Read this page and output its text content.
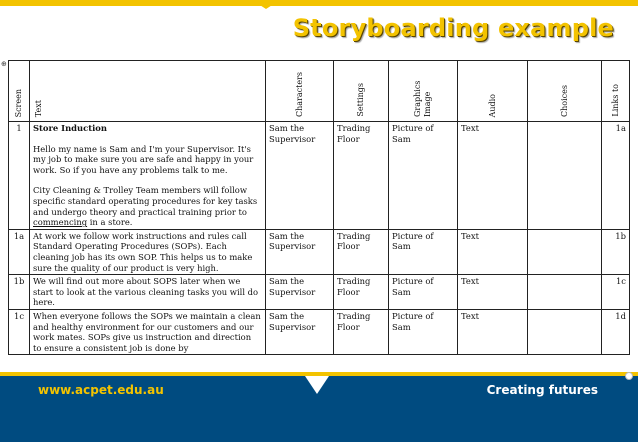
Storyboarding example
⊕
Screen	Text	Characters	Settings	Graphics Image	Audio	Choices	Links to

1	Store Induction
Hello my name is Sam and I'm your Supervisor. It's my job to make sure you are safe and happy in your work. So if you have any problems talk to me.
City Cleaning & Trolley Team members will follow specific standard operating procedures for key tasks and undergo theory and practical training prior to
commencing in a store.	Sam the Supervisor	Trading Floor	Picture of Sam	Text		1a
1a	At work we follow work instructions and rules call Standard Operating Procedures (SOPs). Each cleaning job has its own SOP. This helps us to make sure the quality of our product is very high.	Sam the Supervisor	Trading Floor	Picture of Sam	Text		1b
1b	We will find out more about SOPS later when we start to look at the various cleaning tasks you will do here.	Sam the Supervisor	Trading Floor	Picture of Sam	Text		1c
1c	When everyone follows the SOPs we maintain a clean and healthy environment for our customers and our work mates. SOPs give us instruction and direction to ensure a consistent job is done by	Sam the Supervisor	Trading Floor	Picture of Sam	Text		1d
www.acpet.edu.au	Creating futures
